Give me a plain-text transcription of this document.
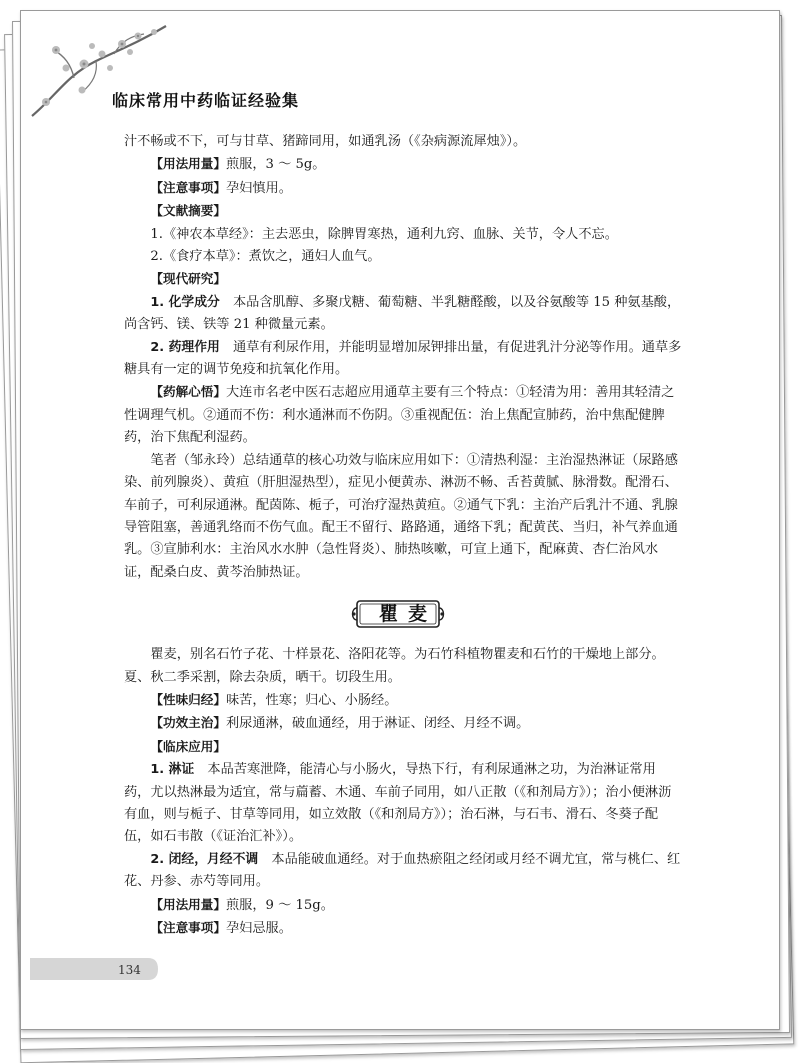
临床常用中药临证经验集

汁不畅或不下，可与甘草、猪蹄同用，如通乳汤（《杂病源流犀烛》）。

【用法用量】煎服，3 ～ 5g。

【注意事项】孕妇慎用。

【文献摘要】

1.《神农本草经》：主去恶虫，除脾胃寒热，通利九窍、血脉、关节，令人不忘。

2.《食疗本草》：煮饮之，通妇人血气。

【现代研究】

1. 化学成分　 本品含肌醇、多聚戊糖、葡萄糖、半乳糖醛酸，以及谷氨酸等 15 种氨基酸，尚含钙、镁、铁等 21 种微量元素。

2. 药理作用　 通草有利尿作用，并能明显增加尿钾排出量，有促进乳汁分泌等作用。通草多糖具有一定的调节免疫和抗氧化作用。

【药解心悟】大连市名老中医石志超应用通草主要有三个特点：①轻清为用：善用其轻清之性调理气机。②通而不伤：利水通淋而不伤阴。③重视配伍：治上焦配宣肺药，治中焦配健脾药，治下焦配利湿药。

笔者（邹永玲）总结通草的核心功效与临床应用如下：①清热利湿：主治湿热淋证（尿路感染、前列腺炎）、黄疸（肝胆湿热型），症见小便黄赤、淋沥不畅、舌苔黄腻、脉滑数。配滑石、车前子，可利尿通淋。配茵陈、栀子，可治疗湿热黄疸。②通气下乳：主治产后乳汁不通、乳腺导管阻塞，善通乳络而不伤气血。配王不留行、路路通，通络下乳；配黄芪、当归，补气养血通乳。③宣肺利水：主治风水水肿（急性肾炎）、肺热咳嗽，可宣上通下，配麻黄、杏仁治风水证，配桑白皮、黄芩治肺热证。

瞿麦

瞿麦，别名石竹子花、十样景花、洛阳花等。为石竹科植物瞿麦和石竹的干燥地上部分。夏、秋二季采割，除去杂质，晒干。切段生用。

【性味归经】味苦，性寒；归心、小肠经。

【功效主治】利尿通淋，破血通经，用于淋证、闭经、月经不调。

【临床应用】

1. 淋证　 本品苦寒泄降，能清心与小肠火，导热下行，有利尿通淋之功，为治淋证常用药，尤以热淋最为适宜，常与萹蓄、木通、车前子同用，如八正散（《和剂局方》）；治小便淋沥有血，则与栀子、甘草等同用，如立效散（《和剂局方》）；治石淋，与石韦、滑石、冬葵子配伍，如石韦散（《证治汇补》）。

2. 闭经，月经不调　 本品能破血通经。对于血热瘀阻之经闭或月经不调尤宜，常与桃仁、红花、丹参、赤芍等同用。

【用法用量】煎服，9 ～ 15g。

【注意事项】孕妇忌服。

134
